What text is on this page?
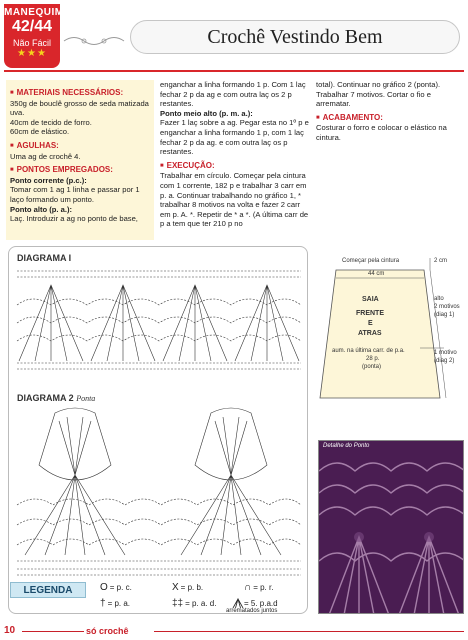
MANEQUIM
42/44
Não Fácil
★★★
Crochê Vestindo Bem
■ MATERIAIS NECESSÁRIOS:
350g de bouclê grosso de seda matizada uva.
40cm de tecido de forro.
60cm de elástico.
■ AGULHAS:
Uma ag de crochê 4.
■ PONTOS EMPREGADOS:
Ponto corrente (p.c.):
Tomar com 1 ag 1 linha e passar por 1 laço formando um ponto.
Ponto alto (p. a.):
Laç. Introduzir a ag no ponto de base,
enganchar a linha formando 1 p. Com 1 laç fechar 2 p da ag e com outra laç os 2 p restantes.
Ponto meio alto (p. m. a.):
Fazer 1 laç sobre a ag. Pegar esta no 1º p e enganchar a linha formando 1 p, com 1 laç fechar 2 p da ag. e com outra laç os p restantes.
■ EXECUÇÃO:
Trabalhar em círculo. Começar pela cintura com 1 corrente, 182 p e trabalhar 3 carr em p. a. Continuar trabalhando no gráfico 1, * trabalhar 8 motivos na volta e fazer 2 carr em p. A. *. Repetir de * a *. (A última carr de p a tem que ter 210 p no
total). Continuar no gráfico 2 (ponta). Trabalhar 7 motivos. Cortar o fio e arrematar.
■ ACABAMENTO:
Costurar o forro e colocar o elástico na cintura.
DIAGRAMA I
DIAGRAMA 2 Ponta
LEGENDA	O = p. c.	X = p. b.	∩ = p. r.
† = p. a.	‡‡ = p. a. d.	= 5. p.a.d
arrematados juntos
Começar pela cintura
44 cm
2 cm
alto
2 motivos
(diag 1)
1 motivo
(diag 2)
SAIA
FRENTE
E
ATRAS
aum. na última carr. de p.a.
28 p.
(ponta)
Detalhe do Ponto
10	só crochê
